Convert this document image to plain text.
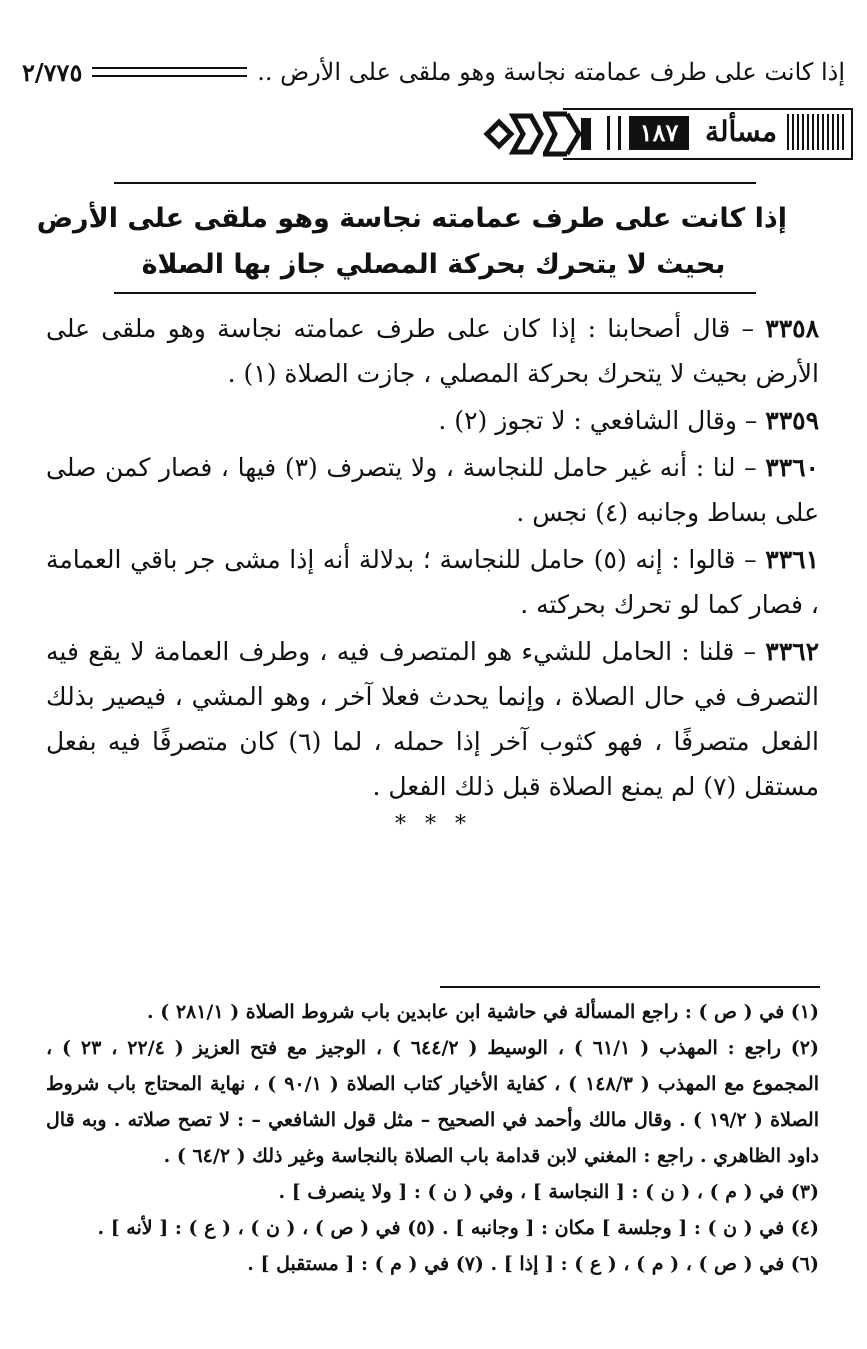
إذا كانت على طرف عمامته نجاسة وهو ملقى على الأرض ..
٢/٧٧٥
مسألة
١٨٧
إذا كانت على طرف عمامته نجاسة وهو ملقى على الأرض
بحيث لا يتحرك بحركة المصلي جاز بها الصلاة

٣٣٥٨ – قال أصحابنا : إذا كان على طرف عمامته نجاسة وهو ملقى على الأرض بحيث لا يتحرك بحركة المصلي ، جازت الصلاة (١) .

٣٣٥٩ – وقال الشافعي : لا تجوز (٢) .

٣٣٦٠ – لنا : أنه غير حامل للنجاسة ، ولا يتصرف (٣) فيها ، فصار كمن صلى على بساط وجانبه (٤) نجس .

٣٣٦١ – قالوا : إنه (٥) حامل للنجاسة ؛ بدلالة أنه إذا مشى جر باقي العمامة ، فصار كما لو تحرك بحركته .

٣٣٦٢ – قلنا : الحامل للشيء هو المتصرف فيه ، وطرف العمامة لا يقع فيه التصرف في حال الصلاة ، وإنما يحدث فعلا آخر ، وهو المشي ، فيصير بذلك الفعل متصرفًا ، فهو كثوب آخر إذا حمله ، لما (٦) كان متصرفًا فيه بفعل مستقل (٧) لم يمنع الصلاة قبل ذلك الفعل .

* * *

(١) في ( ص ) : راجع المسألة في حاشية ابن عابدين باب شروط الصلاة ( ٢٨١/١ ) .

(٢) راجع : المهذب ( ٦١/١ ) ، الوسيط ( ٦٤٤/٢ ) ، الوجيز مع فتح العزيز ( ٢٢/٤ ، ٢٣ ) ، المجموع مع المهذب ( ١٤٨/٣ ) ، كفاية الأخيار كتاب الصلاة ( ٩٠/١ ) ، نهاية المحتاج باب شروط الصلاة ( ١٩/٢ ) . وقال مالك وأحمد في الصحيح – مثل قول الشافعي – : لا تصح صلاته . وبه قال داود الظاهري . راجع : المغني لابن قدامة باب الصلاة بالنجاسة وغير ذلك ( ٦٤/٢ ) .

(٣) في ( م ) ، ( ن ) : [ النجاسة ] ، وفي ( ن ) : [ ولا ينصرف ] .

(٤) في ( ن ) : [ وجلسة ] مكان : [ وجانبه ] . (٥) في ( ص ) ، ( ن ) ، ( ع ) : [ لأنه ] .

(٦) في ( ص ) ، ( م ) ، ( ع ) : [ إذا ] . (٧) في ( م ) : [ مستقبل ] .
